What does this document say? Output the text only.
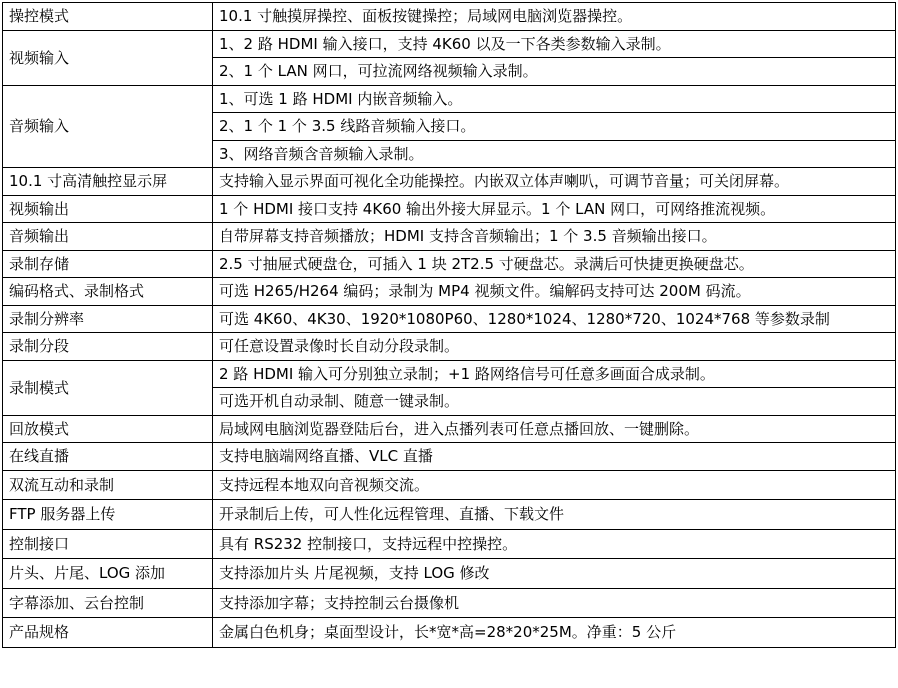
操控模式	10.1 寸触摸屏操控、面板按键操控；局域网电脑浏览器操控。
视频输入	1、2 路 HDMI 输入接口，支持 4K60 以及一下各类参数输入录制。
	2、1 个 LAN 网口，可拉流网络视频输入录制。
音频输入	1、可选 1 路 HDMI 内嵌音频输入。
	2、1 个 1 个 3.5 线路音频输入接口。
	3、网络音频含音频输入录制。
10.1 寸高清触控显示屏	支持输入显示界面可视化全功能操控。内嵌双立体声喇叭，可调节音量；可关闭屏幕。
视频输出	1 个 HDMI 接口支持 4K60 输出外接大屏显示。1 个 LAN 网口，可网络推流视频。
音频输出	自带屏幕支持音频播放；HDMI 支持含音频输出；1 个 3.5 音频输出接口。
录制存储	2.5 寸抽屉式硬盘仓，可插入 1 块 2T2.5 寸硬盘芯。录满后可快捷更换硬盘芯。
编码格式、录制格式	可选 H265/H264 编码；录制为 MP4 视频文件。编解码支持可达 200M 码流。
录制分辨率	可选 4K60、4K30、1920*1080P60、1280*1024、1280*720、1024*768 等参数录制
录制分段	可任意设置录像时长自动分段录制。
录制模式	2 路 HDMI 输入可分别独立录制；+1 路网络信号可任意多画面合成录制。
	可选开机自动录制、随意一键录制。
回放模式	局域网电脑浏览器登陆后台，进入点播列表可任意点播回放、一键删除。
在线直播	支持电脑端网络直播、VLC 直播
双流互动和录制	支持远程本地双向音视频交流。
FTP 服务器上传	开录制后上传，可人性化远程管理、直播、下载文件
控制接口	具有 RS232 控制接口，支持远程中控操控。
片头、片尾、LOG 添加	支持添加片头 片尾视频，支持 LOG 修改
字幕添加、云台控制	支持添加字幕；支持控制云台摄像机
产品规格	金属白色机身；桌面型设计，长*宽*高=28*20*25M。净重：5 公斤
